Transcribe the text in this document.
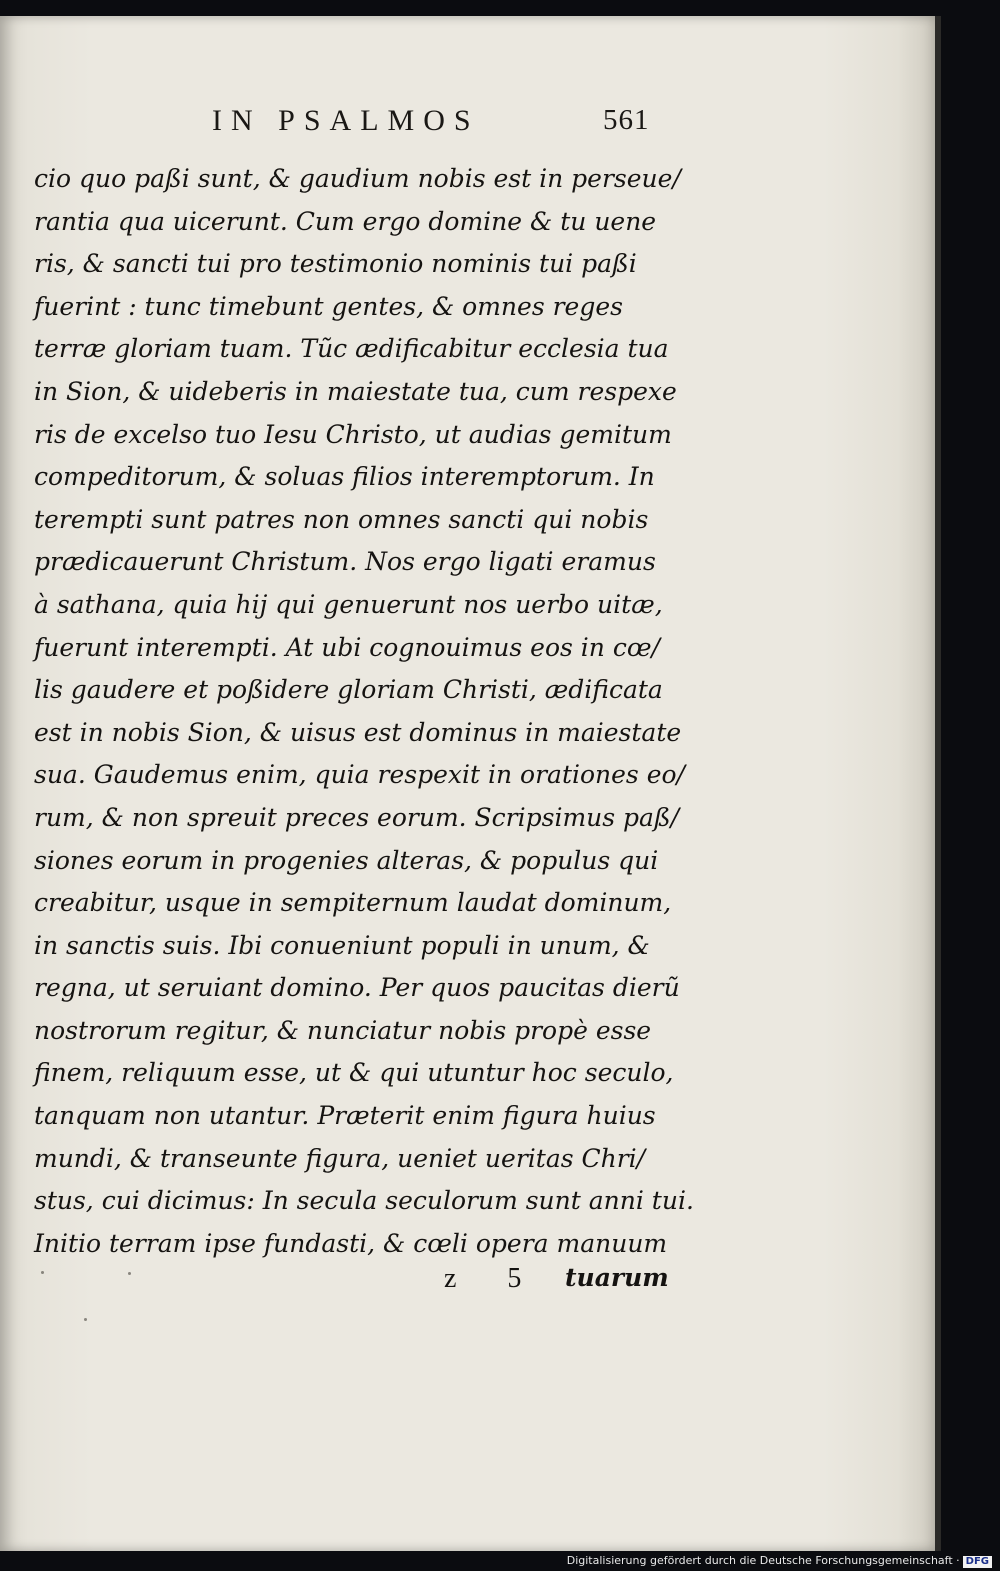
IN PSALMOS	561
cio quo paßi sunt, & gaudium nobis est in perseue/
rantia qua uicerunt. Cum ergo domine & tu uene
ris, & sancti tui pro testimonio nominis tui paßi
fuerint : tunc timebunt gentes, & omnes reges
terræ gloriam tuam. Tũc ædificabitur ecclesia tua
in Sion, & uideberis in maiestate tua, cum respexe
ris de excelso tuo Iesu Christo, ut audias gemitum
compeditorum, & soluas filios interemptorum. In
terempti sunt patres non omnes sancti qui nobis
prædicauerunt Christum. Nos ergo ligati eramus
à sathana, quia hij qui genuerunt nos uerbo uitæ,
fuerunt interempti. At ubi cognouimus eos in cœ/
lis gaudere et poßidere gloriam Christi, ædificata
est in nobis Sion, & uisus est dominus in maiestate
sua. Gaudemus enim, quia respexit in orationes eo/
rum, & non spreuit preces eorum. Scripsimus paß/
siones eorum in progenies alteras, & populus qui
creabitur, usque in sempiternum laudat dominum,
in sanctis suis. Ibi conueniunt populi in unum, &
regna, ut seruiant domino. Per quos paucitas dierũ
nostrorum regitur, & nunciatur nobis propè esse
finem, reliquum esse, ut & qui utuntur hoc seculo,
tanquam non utantur. Præterit enim figura huius
mundi, & transeunte figura, ueniet ueritas Chri/
stus, cui dicimus: In secula seculorum sunt anni tui.
Initio terram ipse fundasti, & cœli opera manuum
z 5 tuarum
Digitalisierung gefördert durch die Deutsche Forschungsgemeinschaft · DFG
